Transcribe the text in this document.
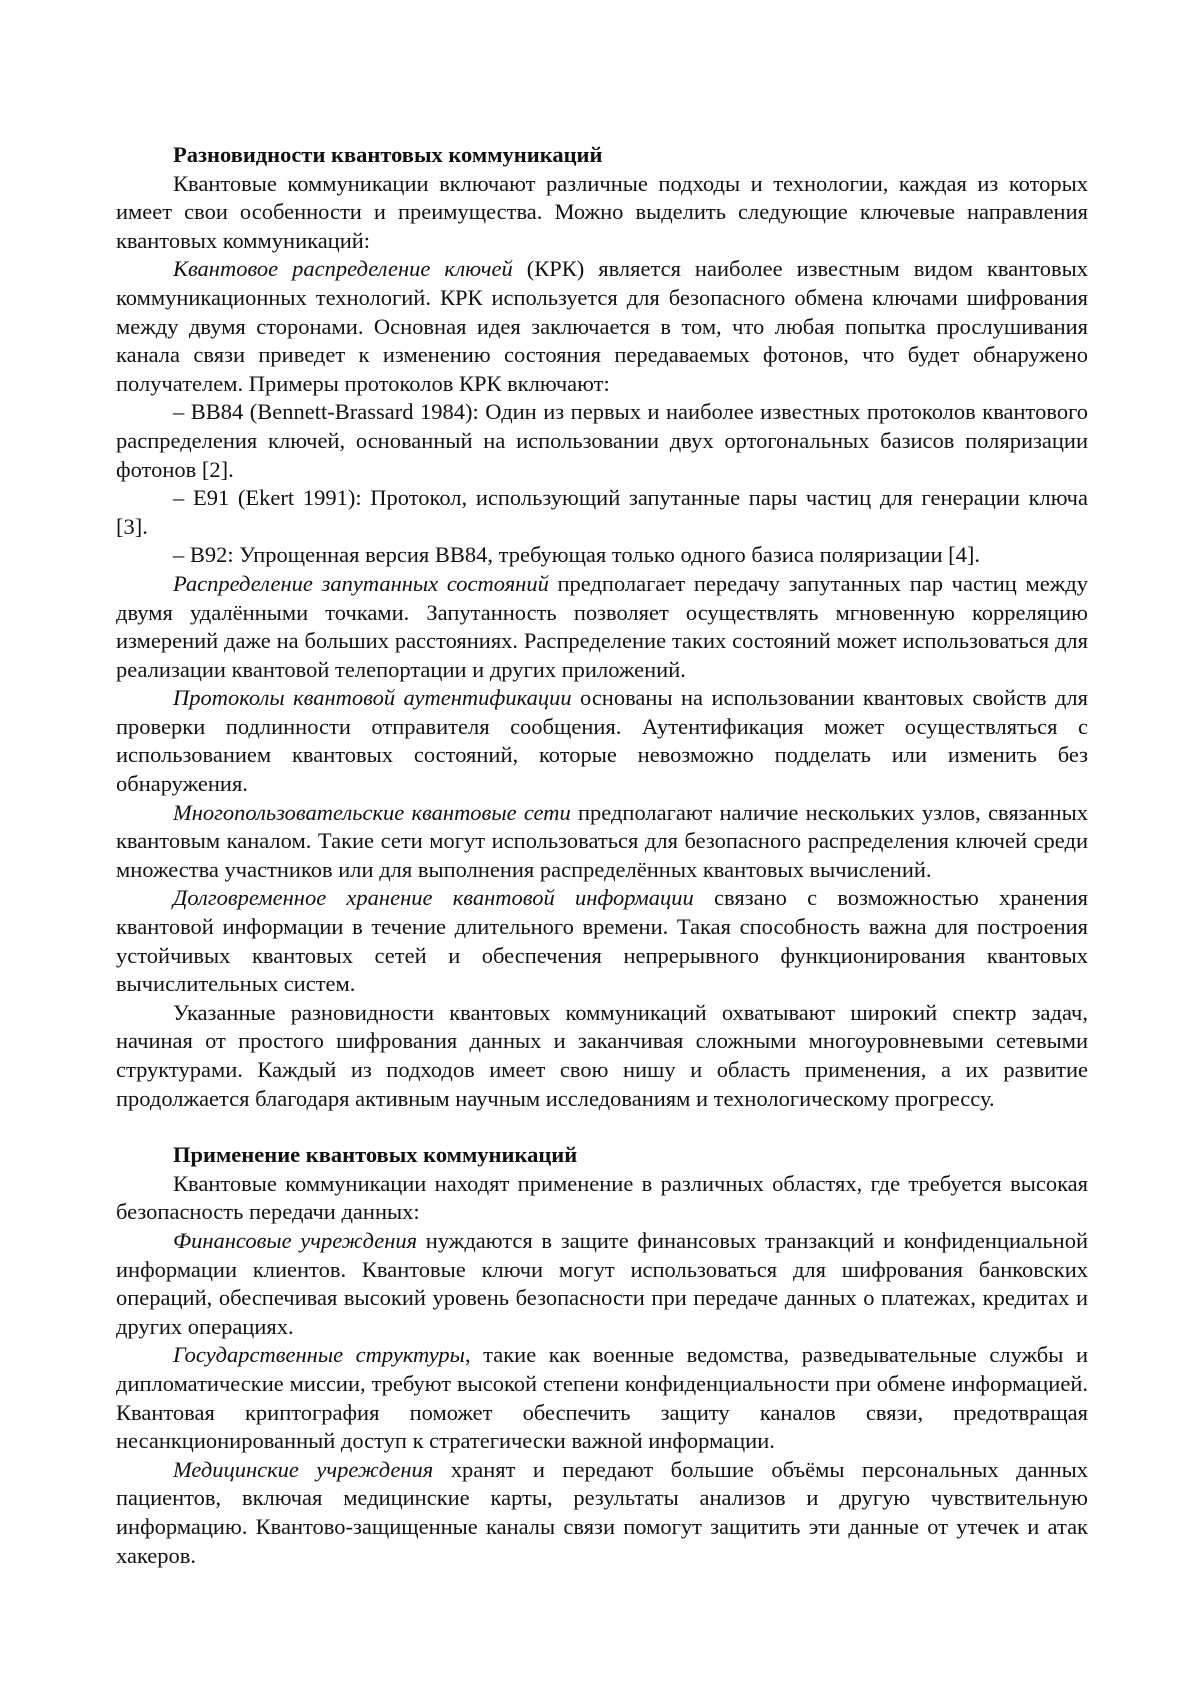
Разновидности квантовых коммуникаций

Квантовые коммуникации включают различные подходы и технологии, каждая из которых имеет свои особенности и преимущества. Можно выделить следующие ключевые направления квантовых коммуникаций:

Квантовое распределение ключей (КРК) является наиболее известным видом квантовых коммуникационных технологий. КРК используется для безопасного обмена ключами шифрования между двумя сторонами. Основная идея заключается в том, что любая попытка прослушивания канала связи приведет к изменению состояния передаваемых фотонов, что будет обнаружено получателем. Примеры протоколов КРК включают:

– BB84 (Bennett-Brassard 1984): Один из первых и наиболее известных протоколов квантового распределения ключей, основанный на использовании двух ортогональных базисов поляризации фотонов [2].

– E91 (Ekert 1991): Протокол, использующий запутанные пары частиц для генерации ключа [3].

– B92: Упрощенная версия BB84, требующая только одного базиса поляризации [4].

Распределение запутанных состояний предполагает передачу запутанных пар частиц между двумя удалёнными точками. Запутанность позволяет осуществлять мгновенную корреляцию измерений даже на больших расстояниях. Распределение таких состояний может использоваться для реализации квантовой телепортации и других приложений.

Протоколы квантовой аутентификации основаны на использовании квантовых свойств для проверки подлинности отправителя сообщения. Аутентификация может осуществляться с использованием квантовых состояний, которые невозможно подделать или изменить без обнаружения.

Многопользовательские квантовые сети предполагают наличие нескольких узлов, связанных квантовым каналом. Такие сети могут использоваться для безопасного распределения ключей среди множества участников или для выполнения распределённых квантовых вычислений.

Долговременное хранение квантовой информации связано с возможностью хранения квантовой информации в течение длительного времени. Такая способность важна для построения устойчивых квантовых сетей и обеспечения непрерывного функционирования квантовых вычислительных систем.

Указанные разновидности квантовых коммуникаций охватывают широкий спектр задач, начиная от простого шифрования данных и заканчивая сложными многоуровневыми сетевыми структурами. Каждый из подходов имеет свою нишу и область применения, а их развитие продолжается благодаря активным научным исследованиям и технологическому прогрессу.

Применение квантовых коммуникаций

Квантовые коммуникации находят применение в различных областях, где требуется высокая безопасность передачи данных:

Финансовые учреждения нуждаются в защите финансовых транзакций и конфиденциальной информации клиентов. Квантовые ключи могут использоваться для шифрования банковских операций, обеспечивая высокий уровень безопасности при передаче данных о платежах, кредитах и других операциях.

Государственные структуры, такие как военные ведомства, разведывательные службы и дипломатические миссии, требуют высокой степени конфиденциальности при обмене информацией. Квантовая криптография поможет обеспечить защиту каналов связи, предотвращая несанкционированный доступ к стратегически важной информации.

Медицинские учреждения хранят и передают большие объёмы персональных данных пациентов, включая медицинские карты, результаты анализов и другую чувствительную информацию. Квантово-защищенные каналы связи помогут защитить эти данные от утечек и атак хакеров.
